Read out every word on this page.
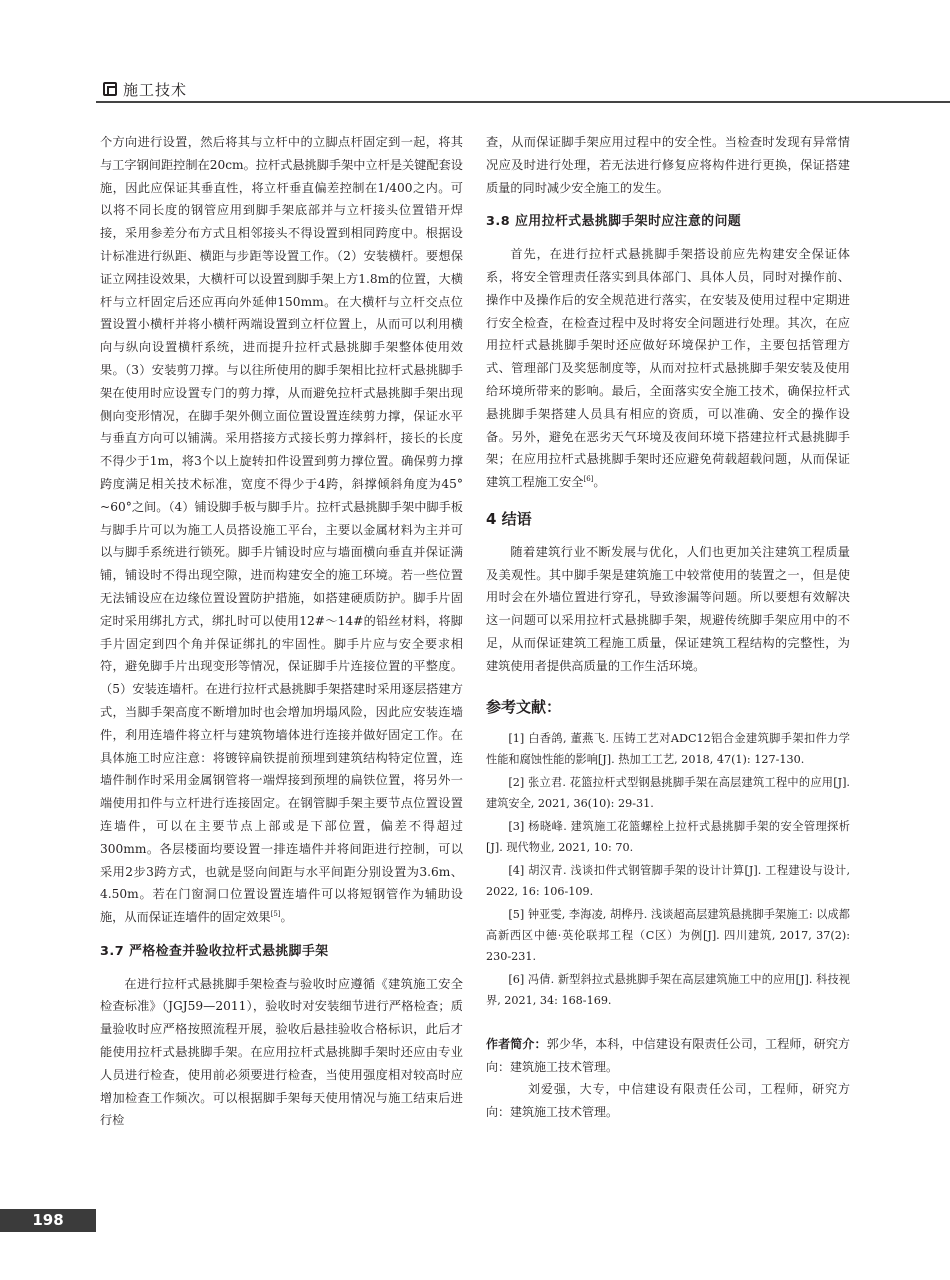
施工技术

个方向进行设置，然后将其与立杆中的立脚点杆固定到一起，将其与工字钢间距控制在20cm。拉杆式悬挑脚手架中立杆是关键配套设施，因此应保证其垂直性，将立杆垂直偏差控制在1/400之内。可以将不同长度的钢管应用到脚手架底部并与立杆接头位置错开焊接，采用参差分布方式且相邻接头不得设置到相同跨度中。根据设计标准进行纵距、横距与步距等设置工作。（2）安装横杆。要想保证立网挂设效果，大横杆可以设置到脚手架上方1.8m的位置，大横杆与立杆固定后还应再向外延伸150mm。在大横杆与立杆交点位置设置小横杆并将小横杆两端设置到立杆位置上，从而可以利用横向与纵向设置横杆系统，进而提升拉杆式悬挑脚手架整体使用效果。（3）安装剪刀撑。与以往所使用的脚手架相比拉杆式悬挑脚手架在使用时应设置专门的剪力撑，从而避免拉杆式悬挑脚手架出现侧向变形情况，在脚手架外侧立面位置设置连续剪力撑，保证水平与垂直方向可以铺满。采用搭接方式接长剪力撑斜杆，接长的长度不得少于1m，将3个以上旋转扣件设置到剪力撑位置。确保剪力撑跨度满足相关技术标准，宽度不得少于4跨，斜撑倾斜角度为45° ~60°之间。（4）铺设脚手板与脚手片。拉杆式悬挑脚手架中脚手板与脚手片可以为施工人员搭设施工平台，主要以金属材料为主并可以与脚手系统进行锁死。脚手片铺设时应与墙面横向垂直并保证满铺，铺设时不得出现空隙，进而构建安全的施工环境。若一些位置无法铺设应在边缘位置设置防护措施，如搭建硬质防护。脚手片固定时采用绑扎方式，绑扎时可以使用12#～14#的铅丝材料，将脚手片固定到四个角并保证绑扎的牢固性。脚手片应与安全要求相符，避免脚手片出现变形等情况，保证脚手片连接位置的平整度。（5）安装连墙杆。在进行拉杆式悬挑脚手架搭建时采用逐层搭建方式，当脚手架高度不断增加时也会增加坍塌风险，因此应安装连墙件，利用连墙件将立杆与建筑物墙体进行连接并做好固定工作。在具体施工时应注意：将镀锌扁铁提前预埋到建筑结构特定位置，连墙件制作时采用金属钢管将一端焊接到预埋的扁铁位置，将另外一端使用扣件与立杆进行连接固定。在钢管脚手架主要节点位置设置连墙件，可以在主要节点上部或是下部位置，偏差不得超过300mm。各层楼面均要设置一排连墙件并将间距进行控制，可以采用2步3跨方式，也就是竖向间距与水平间距分别设置为3.6m、4.50m。若在门窗洞口位置设置连墙件可以将短钢管作为辅助设施，从而保证连墙件的固定效果[5]。

3.7 严格检查并验收拉杆式悬挑脚手架

在进行拉杆式悬挑脚手架检查与验收时应遵循《建筑施工安全检查标准》（JGJ59—2011），验收时对安装细节进行严格检查；质量验收时应严格按照流程开展，验收后悬挂验收合格标识，此后才能使用拉杆式悬挑脚手架。在应用拉杆式悬挑脚手架时还应由专业人员进行检查，使用前必须要进行检查，当使用强度相对较高时应增加检查工作频次。可以根据脚手架每天使用情况与施工结束后进行检

查，从而保证脚手架应用过程中的安全性。当检查时发现有异常情况应及时进行处理，若无法进行修复应将构件进行更换，保证搭建质量的同时减少安全施工的发生。

3.8 应用拉杆式悬挑脚手架时应注意的问题

首先，在进行拉杆式悬挑脚手架搭设前应先构建安全保证体系，将安全管理责任落实到具体部门、具体人员，同时对操作前、操作中及操作后的安全规范进行落实，在安装及使用过程中定期进行安全检查，在检查过程中及时将安全问题进行处理。其次，在应用拉杆式悬挑脚手架时还应做好环境保护工作，主要包括管理方式、管理部门及奖惩制度等，从而对拉杆式悬挑脚手架安装及使用给环境所带来的影响。最后，全面落实安全施工技术，确保拉杆式悬挑脚手架搭建人员具有相应的资质，可以准确、安全的操作设备。另外，避免在恶劣天气环境及夜间环境下搭建拉杆式悬挑脚手架；在应用拉杆式悬挑脚手架时还应避免荷载超载问题，从而保证建筑工程施工安全[6]。

4 结语

随着建筑行业不断发展与优化，人们也更加关注建筑工程质量及美观性。其中脚手架是建筑施工中较常使用的装置之一，但是使用时会在外墙位置进行穿孔，导致渗漏等问题。所以要想有效解决这一问题可以采用拉杆式悬挑脚手架，规避传统脚手架应用中的不足，从而保证建筑工程施工质量，保证建筑工程结构的完整性，为建筑使用者提供高质量的工作生活环境。

参考文献：

[1] 白香鸽, 董燕飞. 压铸工艺对ADC12铝合金建筑脚手架扣件力学性能和腐蚀性能的影响[J]. 热加工工艺, 2018, 47(1): 127-130.

[2] 张立君. 花篮拉杆式型钢悬挑脚手架在高层建筑工程中的应用[J]. 建筑安全, 2021, 36(10): 29-31.

[3] 杨晓峰. 建筑施工花篮螺栓上拉杆式悬挑脚手架的安全管理探析[J]. 现代物业, 2021, 10: 70.

[4] 胡汉青. 浅谈扣件式钢管脚手架的设计计算[J]. 工程建设与设计, 2022, 16: 106-109.

[5] 钟亚雯, 李海凌, 胡桦丹. 浅谈超高层建筑悬挑脚手架施工: 以成都高新西区中德·英伦联邦工程（C区）为例[J]. 四川建筑, 2017, 37(2): 230-231.

[6] 冯倩. 新型斜拉式悬挑脚手架在高层建筑施工中的应用[J]. 科技视界, 2021, 34: 168-169.

作者简介：郭少华，本科，中信建设有限责任公司，工程师，研究方向：建筑施工技术管理。

刘爱强，大专，中信建设有限责任公司，工程师，研究方向：建筑施工技术管理。

198
